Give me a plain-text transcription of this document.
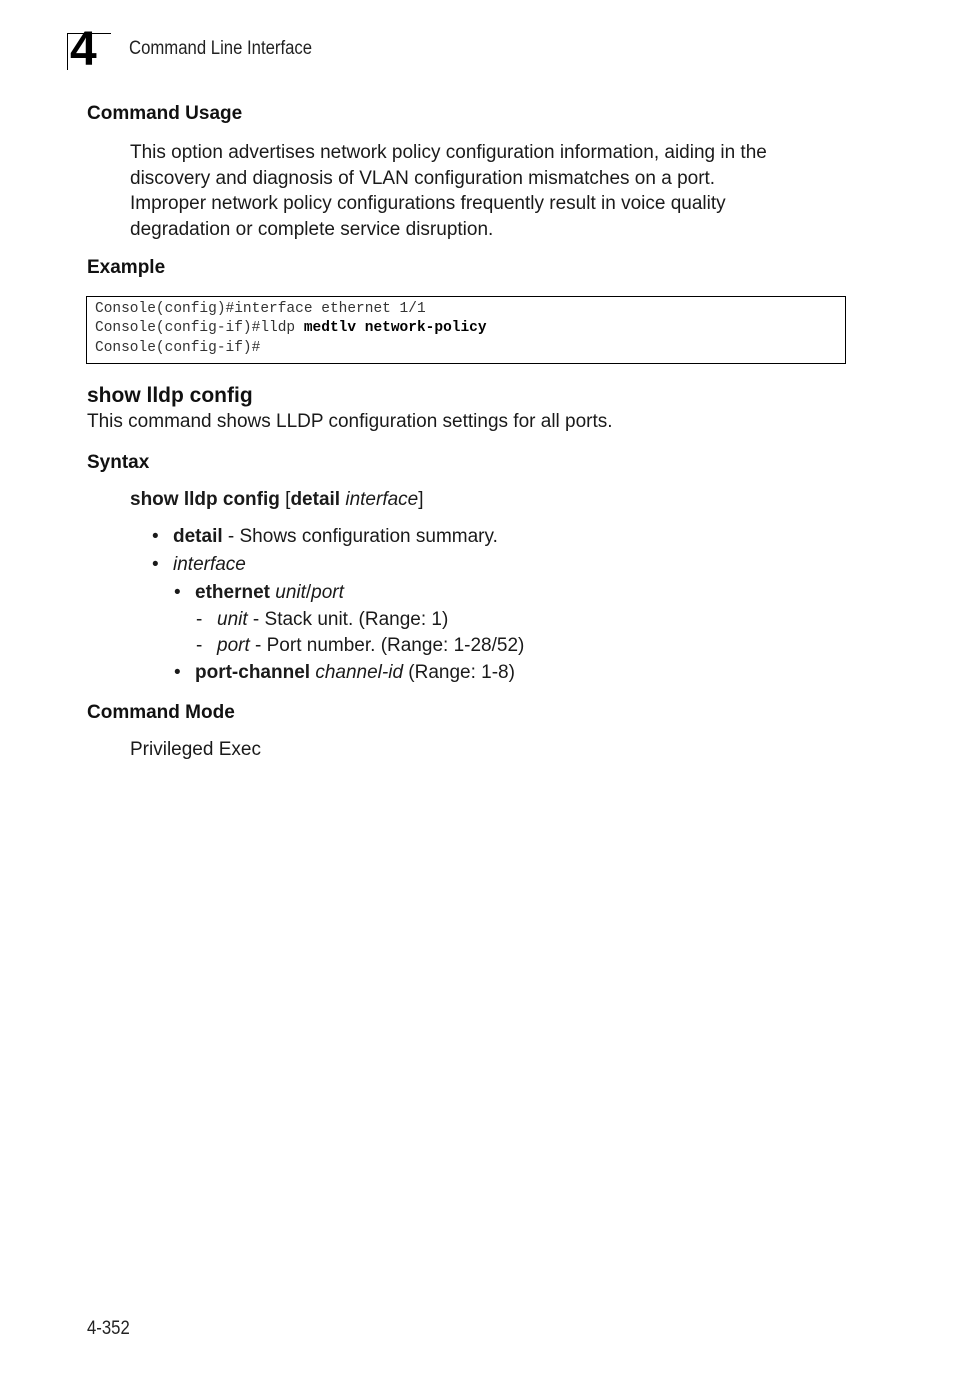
4 Command Line Interface
Command Usage
This option advertises network policy configuration information, aiding in the
discovery and diagnosis of VLAN configuration mismatches on a port.
Improper network policy configurations frequently result in voice quality
degradation or complete service disruption.
Example
Console(config)#interface ethernet 1/1
Console(config-if)#lldp medtlv network-policy
Console(config-if)#
show lldp config
This command shows LLDP configuration settings for all ports.
Syntax
show lldp config [detail interface]
• detail - Shows configuration summary.
• interface
• ethernet unit/port
- unit - Stack unit. (Range: 1)
- port - Port number. (Range: 1-28/52)
• port-channel channel-id (Range: 1-8)
Command Mode
Privileged Exec
4-352
